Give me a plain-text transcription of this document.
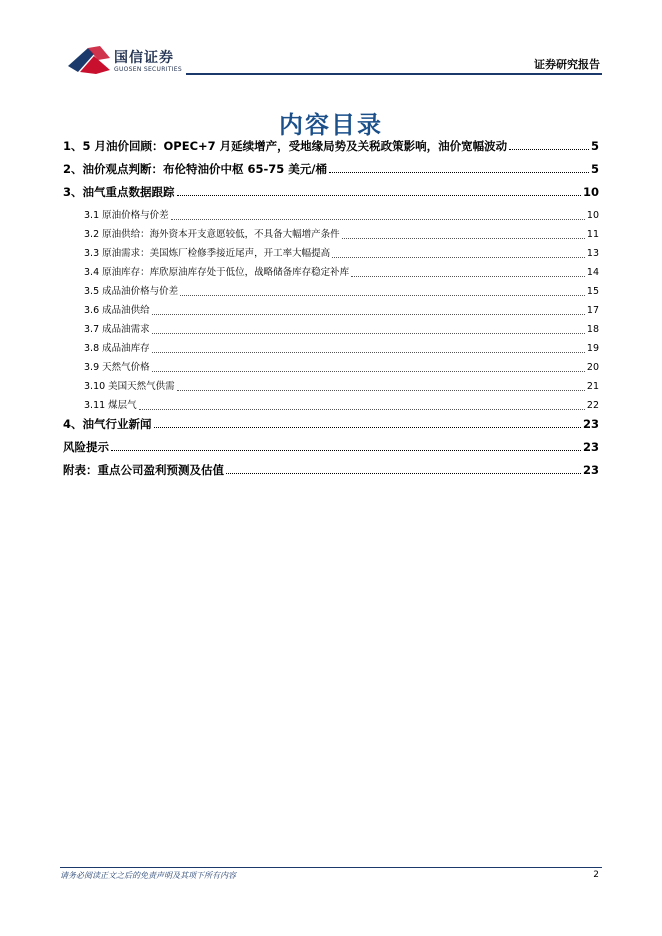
国信证券
GUOSEN SECURITIES	证券研究报告
内容目录
1、5 月油价回顾：OPEC+7 月延续增产，受地缘局势及关税政策影响，油价宽幅波动	5
2、油价观点判断：布伦特油价中枢 65-75 美元/桶	5
3、油气重点数据跟踪	10
3.1 原油价格与价差	10
3.2 原油供给：海外资本开支意愿较低，不具备大幅增产条件	11
3.3 原油需求：美国炼厂检修季接近尾声，开工率大幅提高	13
3.4 原油库存：库欣原油库存处于低位，战略储备库存稳定补库	14
3.5 成品油价格与价差	15
3.6 成品油供给	17
3.7 成品油需求	18
3.8 成品油库存	19
3.9 天然气价格	20
3.10 美国天然气供需	21
3.11 煤层气	22
4、油气行业新闻	23
风险提示	23
附表：重点公司盈利预测及估值	23
请务必阅读正文之后的免责声明及其项下所有内容	2
